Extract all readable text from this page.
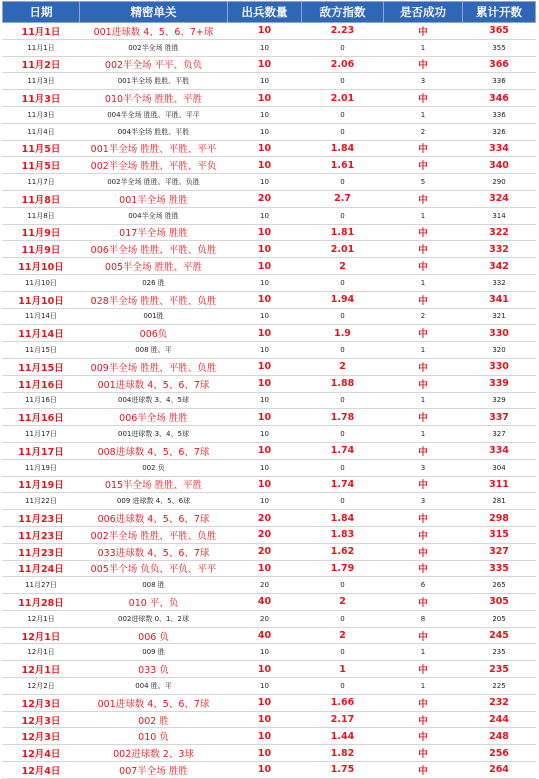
日期	精密单关	出兵数量	敌方指数	是否成功	累计开数
11月1日	001进球数 4、5、6、7+球	10	2.23	中	365
11月1日	002半全场 胜胜	10	0	1	355
11月2日	002半全场 平平、负负	10	2.06	中	366
11月3日	001半全场 胜胜、平胜	10	0	3	336
11月3日	010半个场 胜胜、平胜	10	2.01	中	346
11月3日	004半全场 胜胜、平胜、平平	10	0	1	336
11月4日	004半全场 胜胜、平胜	10	0	2	326
11月5日	001半全场 胜胜、平胜、平平	10	1.84	中	334
11月5日	002半全场 胜胜、平胜、平负	10	1.61	中	340
11月7日	002半全场 胜胜、平胜、负胜	10	0	5	290
11月8日	001半全场 胜胜	20	2.7	中	324
11月8日	004半全场 胜胜	10	0	1	314
11月9日	017半全场 胜胜	10	1.81	中	322
11月9日	006半全场 胜胜、平胜、负胜	10	2.01	中	332
11月10日	005半全场 胜胜、平胜	10	2	中	342
11月10日	026 胜	10	0	1	332
11月10日	028半全场 胜胜、平胜、负胜	10	1.94	中	341
11月14日	001胜	10	0	2	321
11月14日	006负	10	1.9	中	330
11月15日	008 胜、平	10	0	1	320
11月15日	009半全场 胜胜、平胜、负胜	10	2	中	330
11月16日	001进球数 4、5、6、7球	10	1.88	中	339
11月16日	004进球数 3、4、5球	10	0	1	329
11月16日	006半全场 胜胜	10	1.78	中	337
11月17日	001进球数 3、4、5球	10	0	1	327
11月17日	008进球数 4、5、6、7球	10	1.74	中	334
11月19日	002 负	10	0	3	304
11月19日	015半全场 胜胜、平胜	10	1.74	中	311
11月22日	009 进球数 4、5、6球	10	0	3	281
11月23日	006进球数 4、5、6、7球	20	1.84	中	298
11月23日	002半全场 胜胜、平胜、负胜	20	1.83	中	315
11月23日	033进球数 4、5、6、7球	20	1.62	中	327
11月24日	005半个场 负负、平负、平平	10	1.79	中	335
11月27日	008 胜	20	0	6	265
11月28日	010 平、负	40	2	中	305
12月1日	002进球数 0、1、2球	20	0	8	205
12月1日	006 负	40	2	中	245
12月1日	009 胜	10	0	1	235
12月1日	033 负	10	1	中	235
12月2日	004 胜、平	10	0	1	225
12月3日	001进球数 4、5、6、7球	10	1.66	中	232
12月3日	002 胜	10	2.17	中	244
12月3日	010 负	10	1.44	中	248
12月4日	002进球数 2、3球	10	1.82	中	256
12月4日	007半全场 胜胜	10	1.75	中	264
